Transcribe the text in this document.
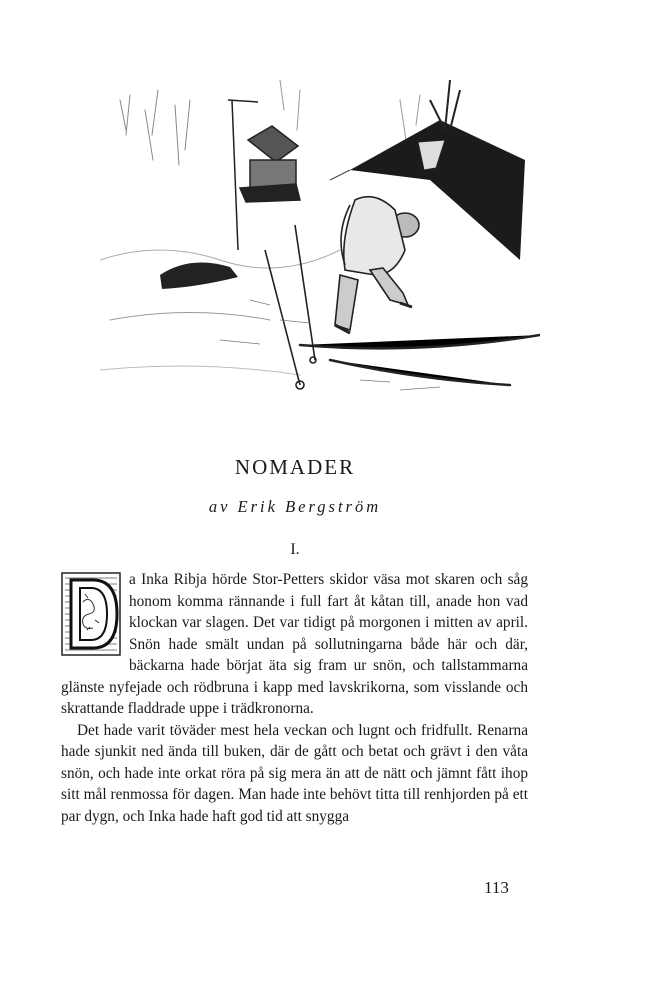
NOMADER
av Erik Bergström
I.

D
a Inka Ribja hörde Stor-Petters skidor väsa mot skaren och såg honom komma rännande i full fart åt kåtan till, anade hon vad klockan var slagen. Det var tidigt på morgonen i mitten av april. Snön hade smält undan på sollutningarna både här och där, bäckarna hade börjat äta sig fram ur snön, och tallstammarna glänste nyfejade och rödbruna i kapp med lavskrikorna, som visslande och skrattande fladdrade uppe i trädkronorna.

Det hade varit töväder mest hela veckan och lugnt och fridfullt. Renarna hade sjunkit ned ända till buken, där de gått och betat och grävt i den våta snön, och hade inte orkat röra på sig mera än att de nätt och jämnt fått ihop sitt mål renmossa för dagen. Man hade inte behövt titta till renhjorden på ett par dygn, och Inka hade haft god tid att snygga

113
